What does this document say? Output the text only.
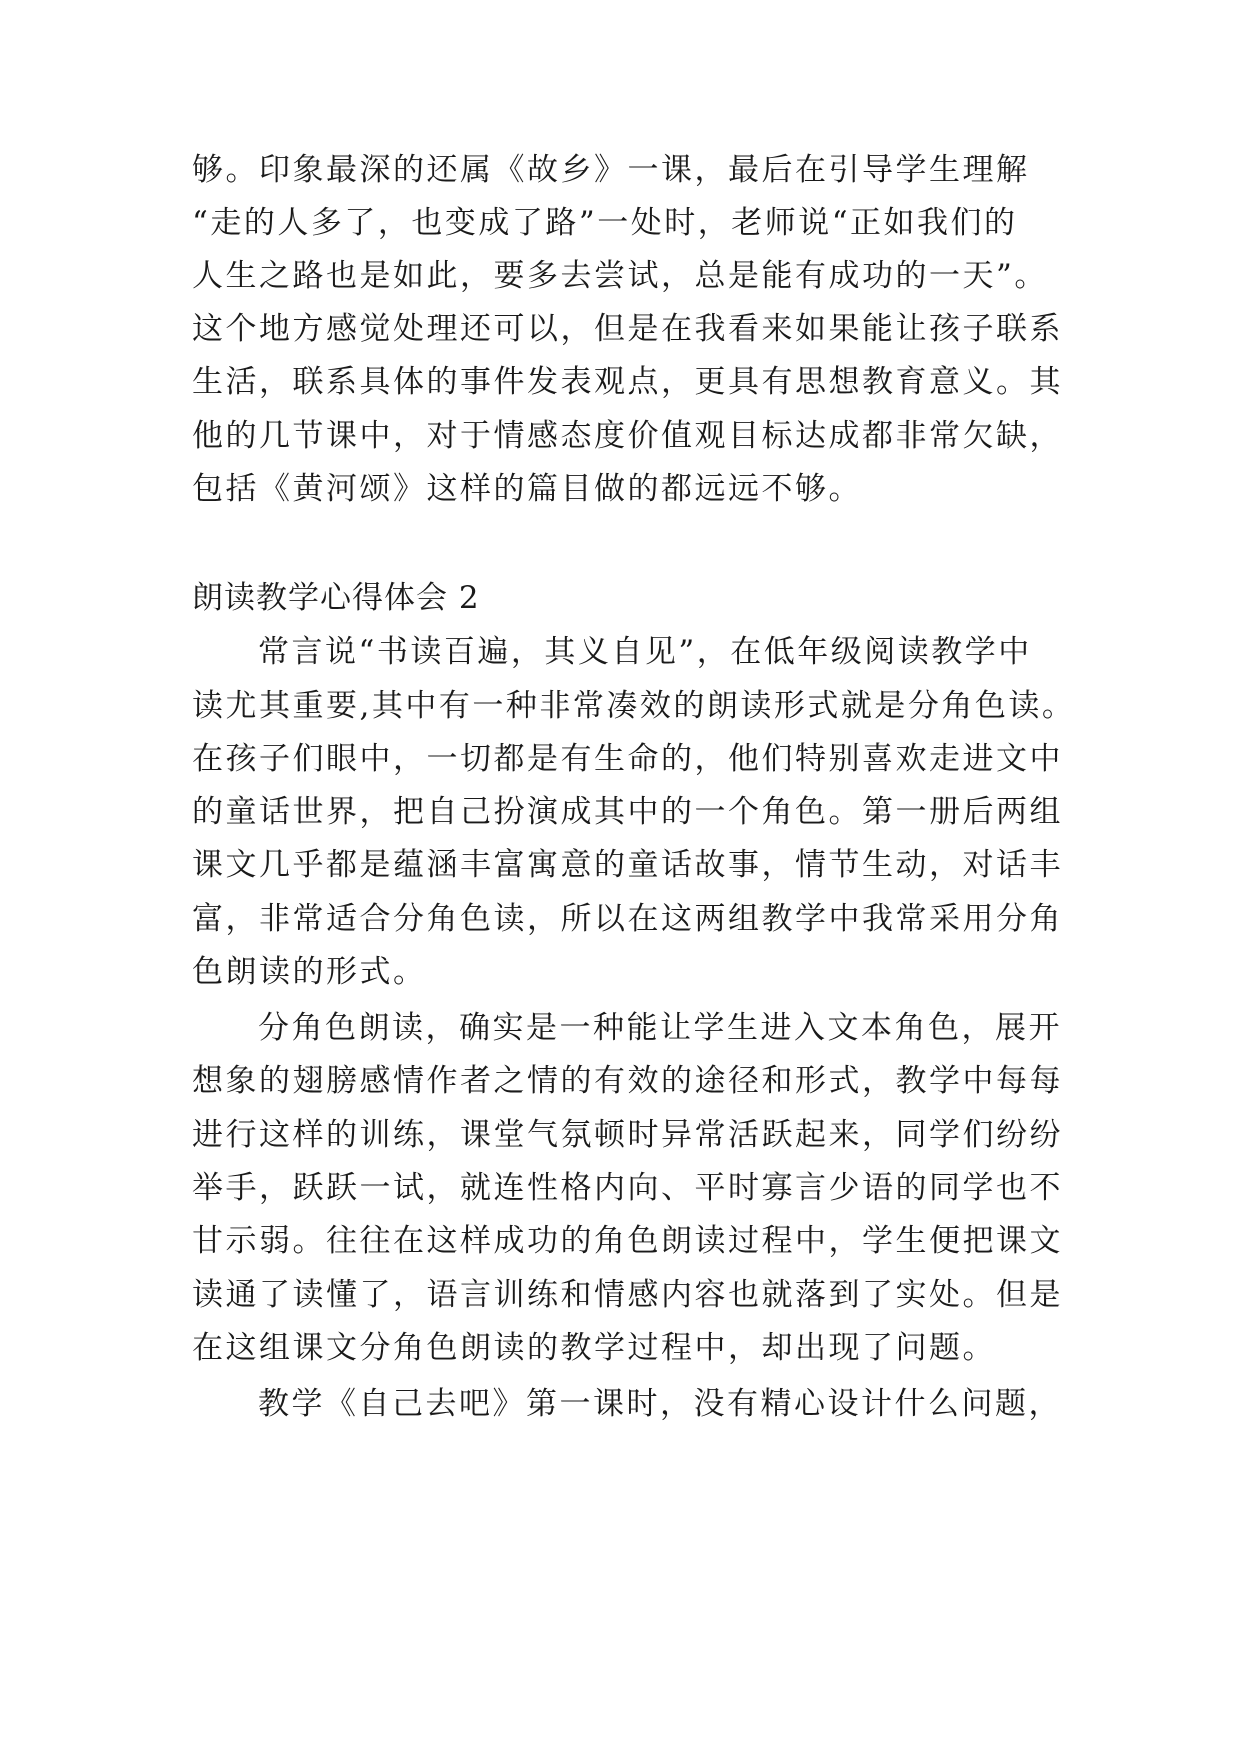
够。印象最深的还属《故乡》一课，最后在引导学生理解
“走的人多了，也变成了路”一处时，老师说“正如我们的
人生之路也是如此，要多去尝试，总是能有成功的一天”。
这个地方感觉处理还可以，但是在我看来如果能让孩子联系
生活，联系具体的事件发表观点，更具有思想教育意义。其
他的几节课中，对于情感态度价值观目标达成都非常欠缺，
包括《黄河颂》这样的篇目做的都远远不够。
朗读教学心得体会 2
常言说“书读百遍，其义自见”，在低年级阅读教学中
读尤其重要,其中有一种非常凑效的朗读形式就是分角色读。
在孩子们眼中，一切都是有生命的，他们特别喜欢走进文中
的童话世界，把自己扮演成其中的一个角色。第一册后两组
课文几乎都是蕴涵丰富寓意的童话故事，情节生动，对话丰
富，非常适合分角色读，所以在这两组教学中我常采用分角
色朗读的形式。
分角色朗读，确实是一种能让学生进入文本角色，展开
想象的翅膀感情作者之情的有效的途径和形式，教学中每每
进行这样的训练，课堂气氛顿时异常活跃起来，同学们纷纷
举手，跃跃一试，就连性格内向、平时寡言少语的同学也不
甘示弱。往往在这样成功的角色朗读过程中，学生便把课文
读通了读懂了，语言训练和情感内容也就落到了实处。但是
在这组课文分角色朗读的教学过程中，却出现了问题。
教学《自己去吧》第一课时，没有精心设计什么问题，
